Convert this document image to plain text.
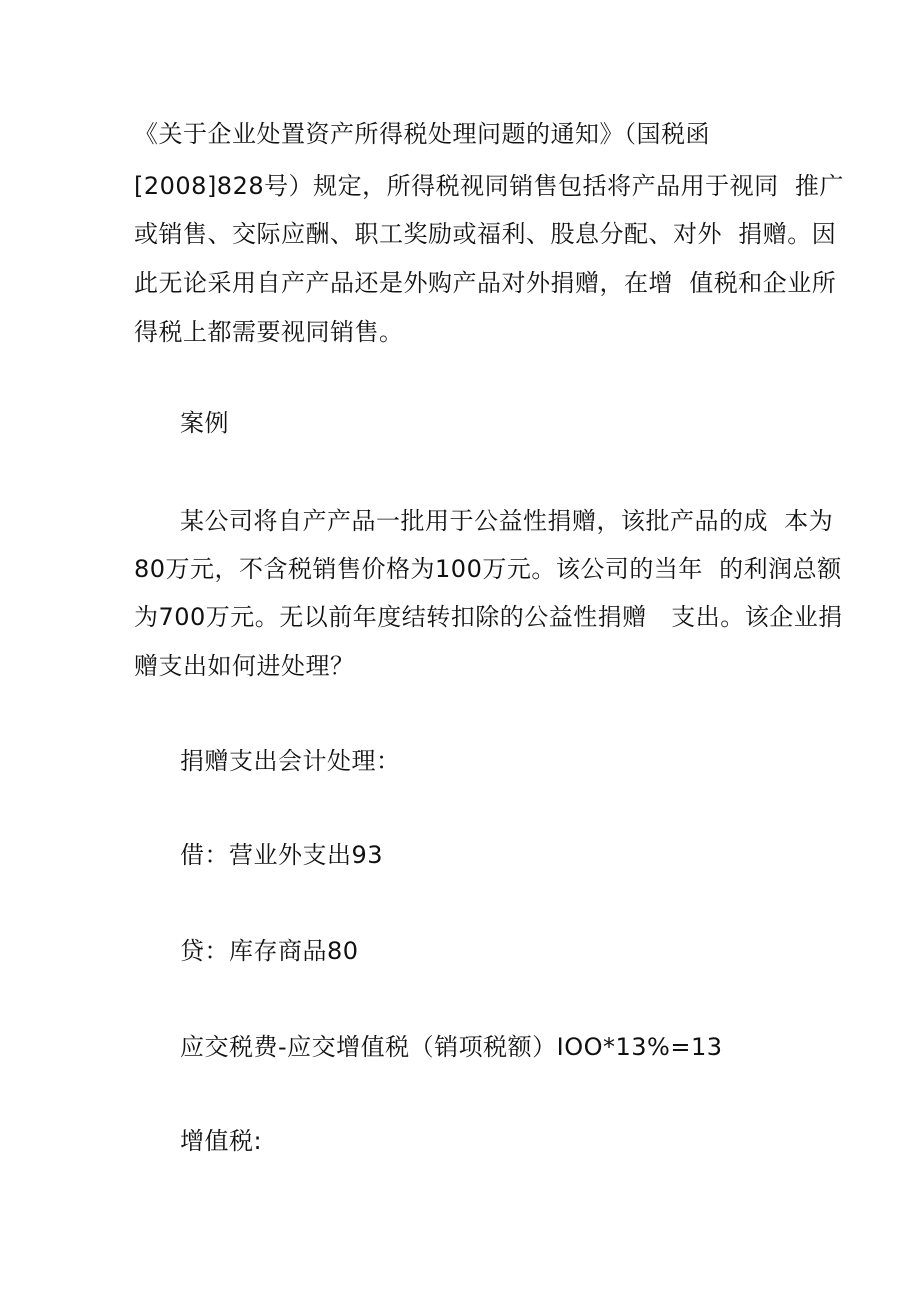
《关于企业处置资产所得税处理问题的通知》（国税函

[2008]828号）规定，所得税视同销售包括将产品用于视同  推广

或销售、交际应酬、职工奖励或福利、股息分配、对外  捐赠。因

此无论采用自产产品还是外购产品对外捐赠，在增  值税和企业所

得税上都需要视同销售。

案例

某公司将自产产品一批用于公益性捐赠，该批产品的成  本为

80万元，不含税销售价格为100万元。该公司的当年  的利润总额

为700万元。无以前年度结转扣除的公益性捐赠   支出。该企业捐

赠支出如何进处理？

捐赠支出会计处理：

借：营业外支出93

贷：库存商品80

应交税费-应交增值税（销项税额）IOO*13%=13

增值税:
